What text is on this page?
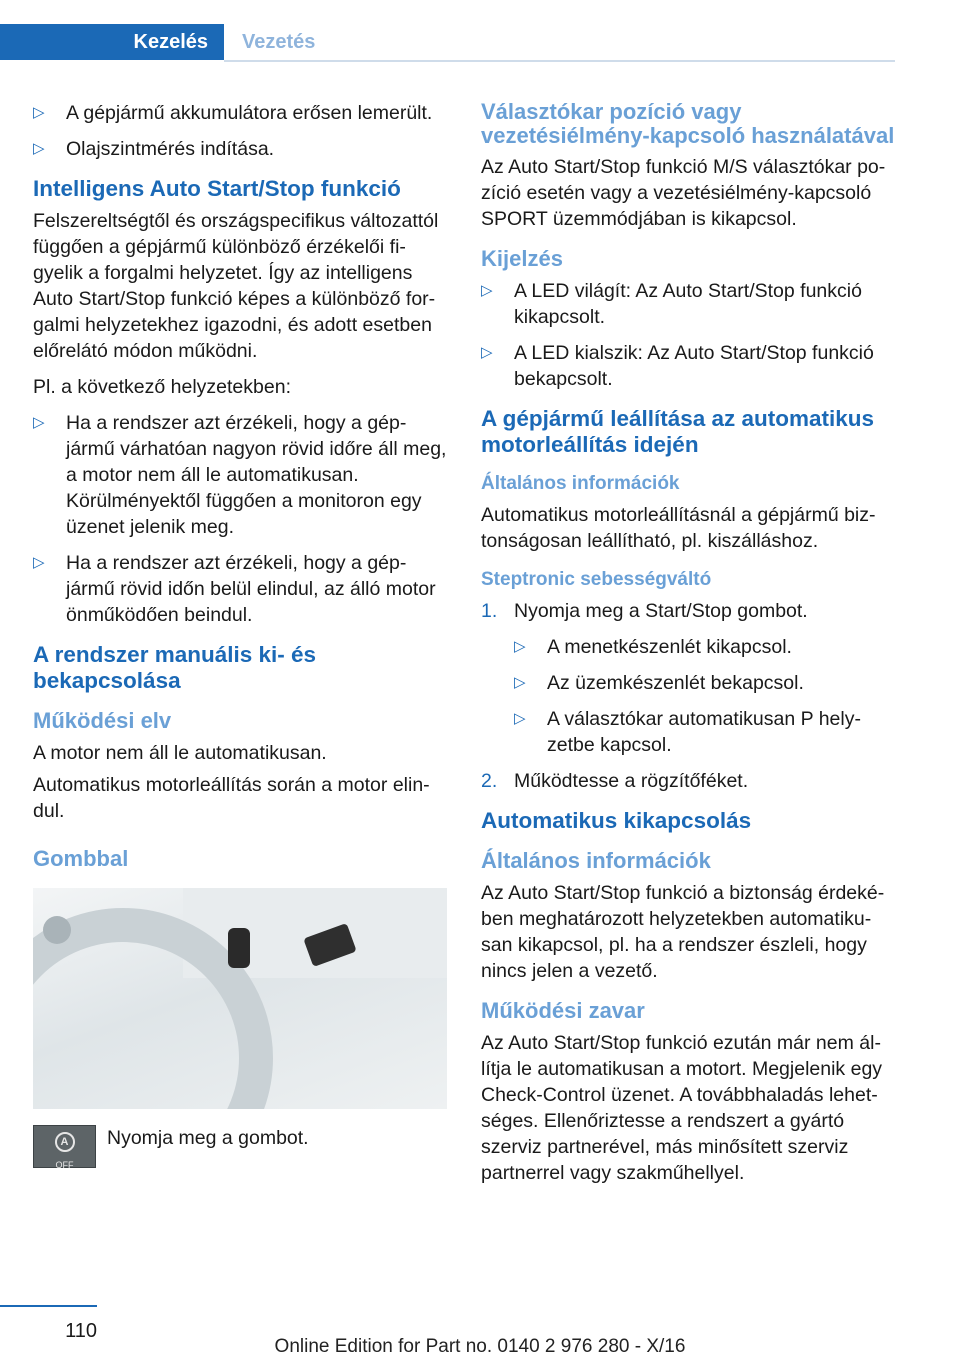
Kezelés	Vezetés
▷ A gépjármű akkumulátora erősen lemerült.
▷ Olajszintmérés indítása.
Intelligens Auto Start/Stop funkció

Felszereltségtől és országspecifikus változattól függően a gépjármű különböző érzékelői figyelik a forgalmi helyzetet. Így az intelligens Auto Start/Stop funkció képes a különböző forgalmi helyzetekhez igazodni, és adott esetben előrelátó módon működni.

Pl. a következő helyzetekben:

▷ Ha a rendszer azt érzékeli, hogy a gépjármű várhatóan nagyon rövid időre áll meg, a motor nem áll le automatikusan. Körülményektől függően a monitoron egy üzenet jelenik meg.
▷ Ha a rendszer azt érzékeli, hogy a gépjármű rövid időn belül elindul, az álló motor önműködően beindul.
A rendszer manuális ki- és bekapcsolása
Működési elv

A motor nem áll le automatikusan.

Automatikus motorleállítás során a motor elindul.

Gombbal
A
OFF
Nyomja meg a gombot.
Választókar pozíció vagy vezetésiélmény-kapcsoló használatával

Az Auto Start/Stop funkció M/S választókar pozíció esetén vagy a vezetésiélmény-kapcsoló SPORT üzemmódjában is kikapcsol.

Kijelzés
▷ A LED világít: Az Auto Start/Stop funkció kikapcsolt.
▷ A LED kialszik: Az Auto Start/Stop funkció bekapcsolt.
A gépjármű leállítása az automatikus motorleállítás idején
Általános információk

Automatikus motorleállításnál a gépjármű biztonságosan leállítható, pl. kiszálláshoz.

Steptronic sebességváltó
1. Nyomja meg a Start/Stop gombot.
▷ A menetkészenlét kikapcsol.
▷ Az üzemkészenlét bekapcsol.
▷ A választókar automatikusan P helyzetbe kapcsol.
2. Működtesse a rögzítőféket.
Automatikus kikapcsolás
Általános információk

Az Auto Start/Stop funkció a biztonság érdekében meghatározott helyzetekben automatikusan kikapcsol, pl. ha a rendszer észleli, hogy nincs jelen a vezető.

Működési zavar

Az Auto Start/Stop funkció ezután már nem állítja le automatikusan a motort. Megjelenik egy Check-Control üzenet. A továbbhaladás lehetséges. Ellenőriztesse a rendszert a gyártó szerviz partnerével, más minősített szerviz partnerrel vagy szakműhellyel.

110
Online Edition for Part no. 0140 2 976 280 - X/16
